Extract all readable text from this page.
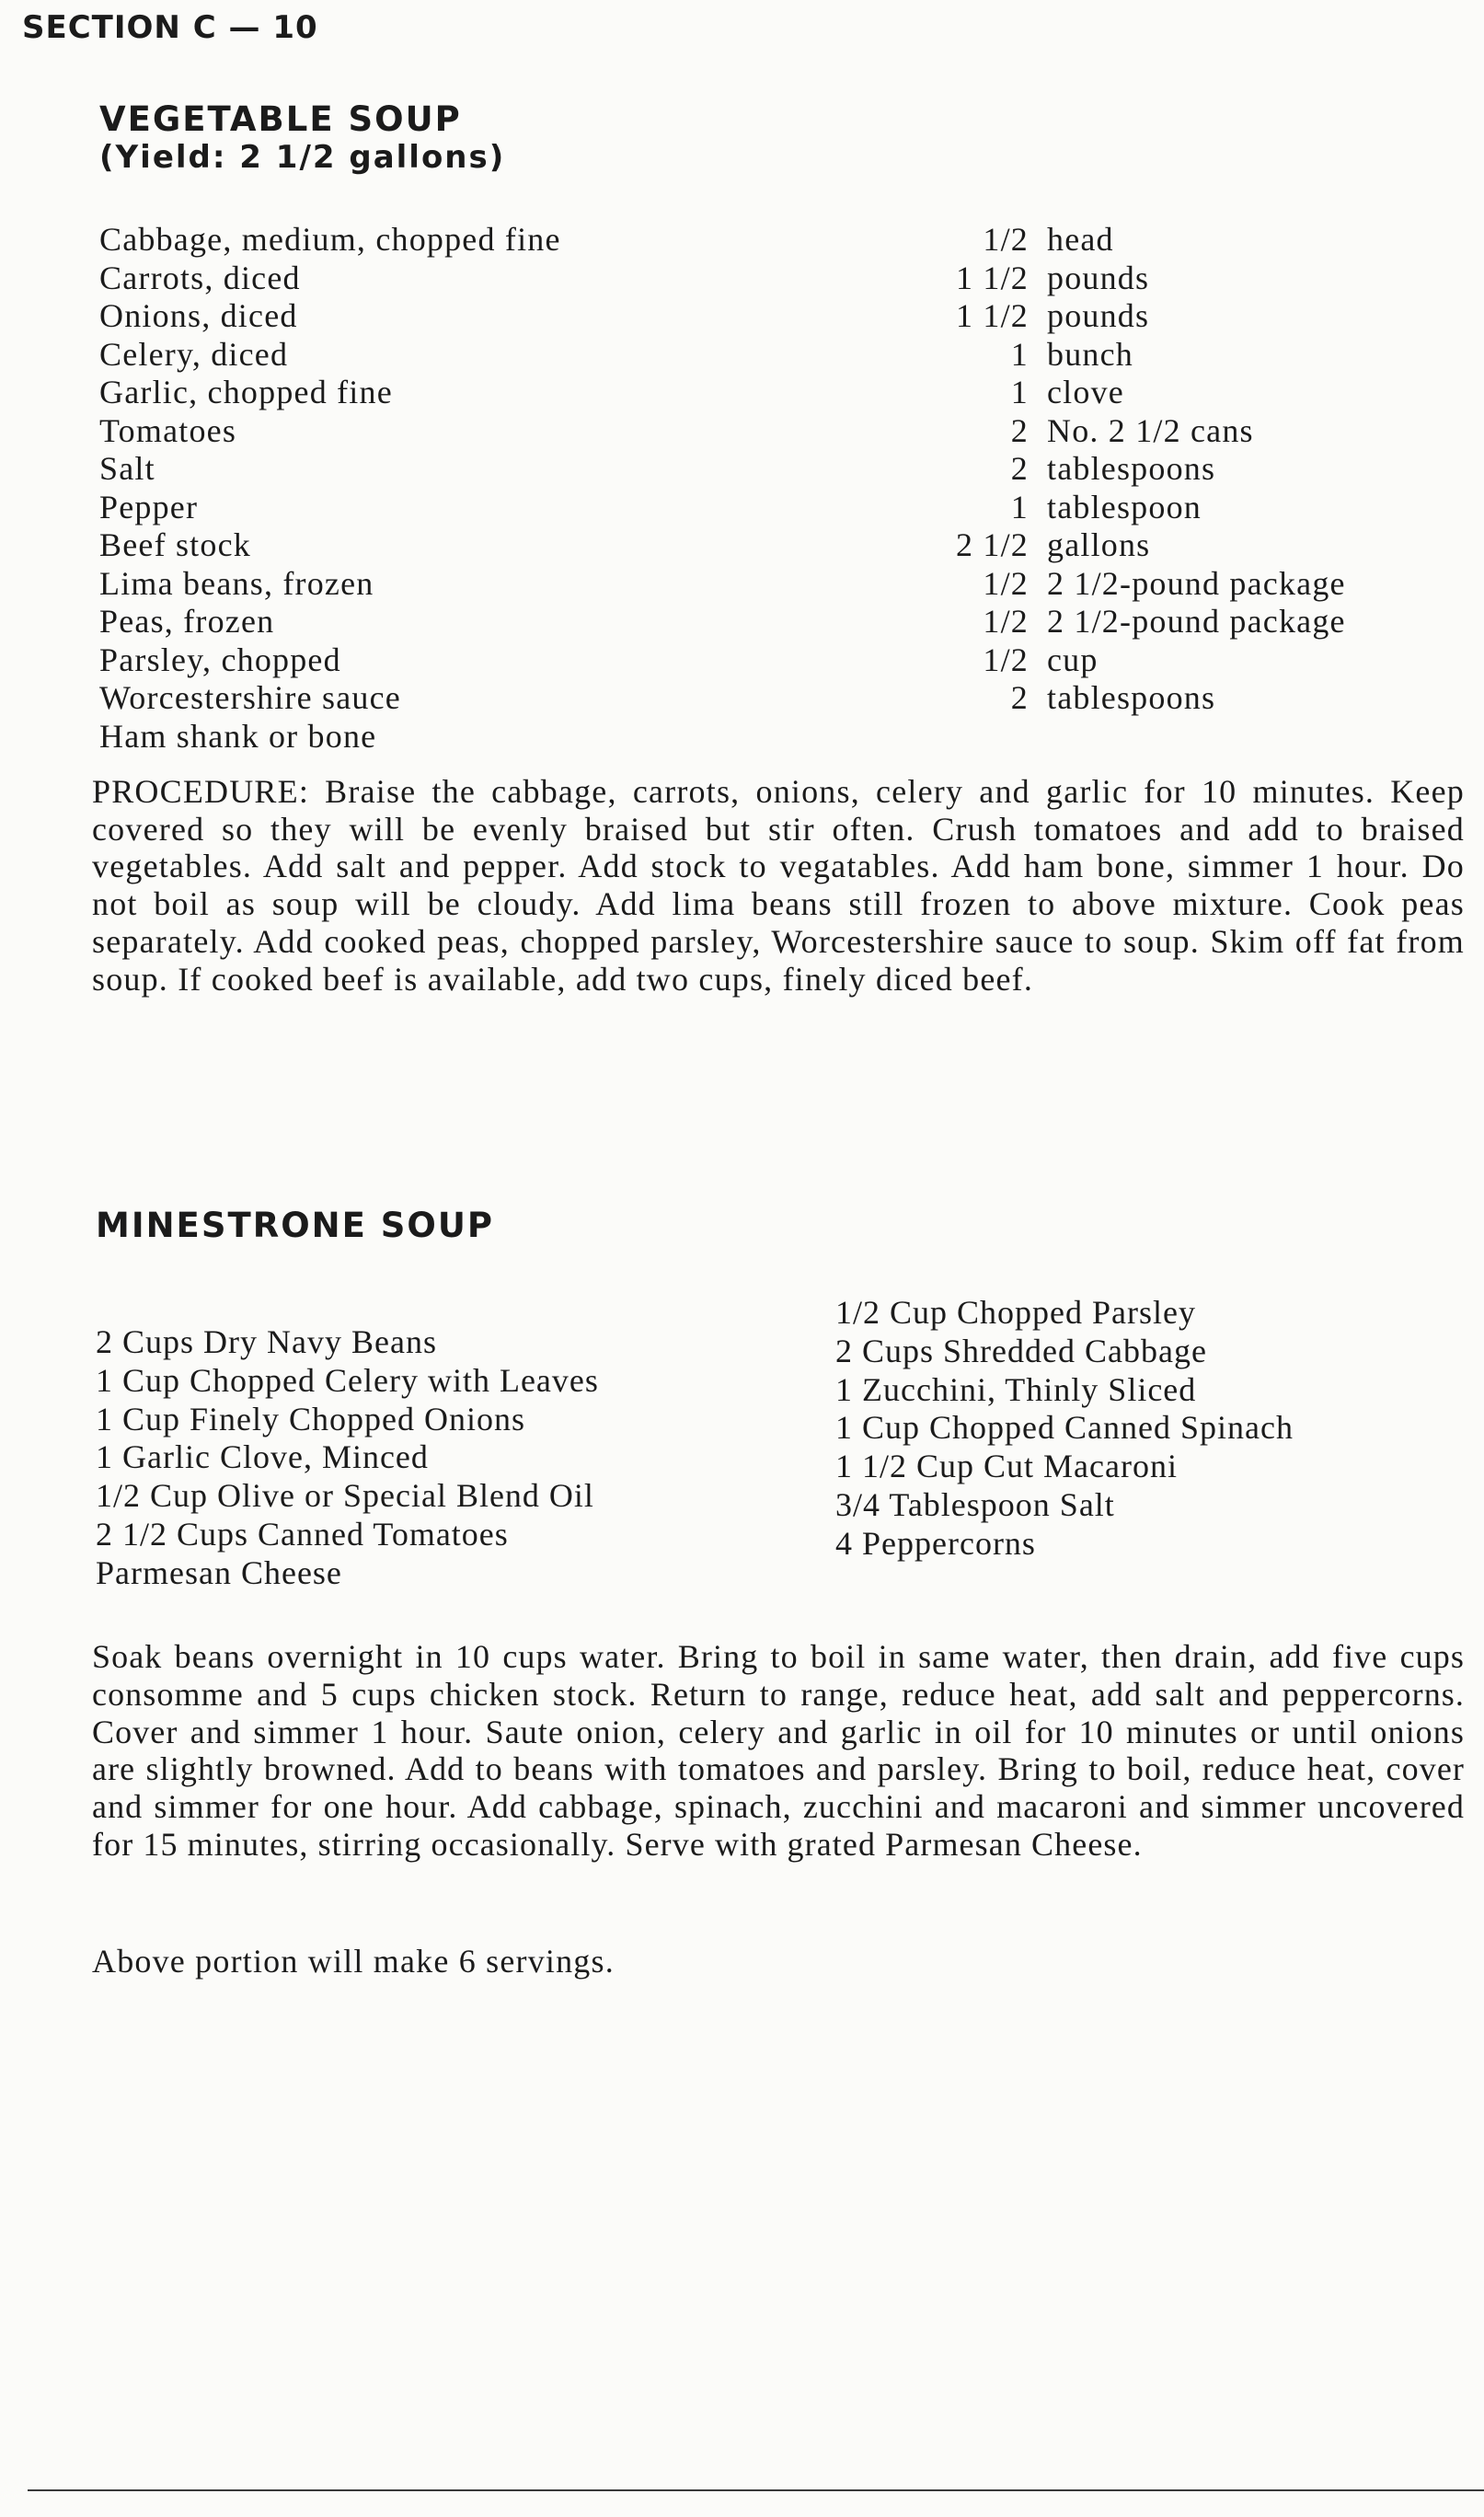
SECTION C — 10
VEGETABLE SOUP
(Yield: 2 1/2 gallons)
Cabbage, medium, chopped fine	1/2 head
Carrots, diced	1 1/2 pounds
Onions, diced	1 1/2 pounds
Celery, diced	1 bunch
Garlic, chopped fine	1 clove
Tomatoes	2 No. 2 1/2 cans
Salt	2 tablespoons
Pepper	1 tablespoon
Beef stock	2 1/2 gallons
Lima beans, frozen	1/2 2 1/2-pound package
Peas, frozen	1/2 2 1/2-pound package
Parsley, chopped	1/2 cup
Worcestershire sauce	2 tablespoons
Ham shank or bone

PROCEDURE: Braise the cabbage, carrots, onions, celery and garlic for 10 minutes. Keep covered so they will be evenly braised but stir often. Crush tomatoes and add to braised vegetables. Add salt and pepper. Add stock to vegatables. Add ham bone, simmer 1 hour. Do not boil as soup will be cloudy. Add lima beans still frozen to above mixture. Cook peas separately. Add cooked peas, chopped parsley, Worcestershire sauce to soup. Skim off fat from soup. If cooked beef is available, add two cups, finely diced beef.

MINESTRONE SOUP
2 Cups Dry Navy Beans
1 Cup Chopped Celery with Leaves
1 Cup Finely Chopped Onions
1 Garlic Clove, Minced
1/2 Cup Olive or Special Blend Oil
2 1/2 Cups Canned Tomatoes
Parmesan Cheese
1/2 Cup Chopped Parsley
2 Cups Shredded Cabbage
1 Zucchini, Thinly Sliced
1 Cup Chopped Canned Spinach
1 1/2 Cup Cut Macaroni
3/4 Tablespoon Salt
4 Peppercorns

Soak beans overnight in 10 cups water. Bring to boil in same water, then drain, add five cups consomme and 5 cups chicken stock. Return to range, reduce heat, add salt and peppercorns. Cover and simmer 1 hour. Saute onion, celery and garlic in oil for 10 minutes or until onions are slightly browned. Add to beans with tomatoes and parsley. Bring to boil, reduce heat, cover and simmer for one hour. Add cabbage, spinach, zucchini and macaroni and simmer uncovered for 15 minutes, stirring occasionally. Serve with grated Parmesan Cheese.

Above portion will make 6 servings.
